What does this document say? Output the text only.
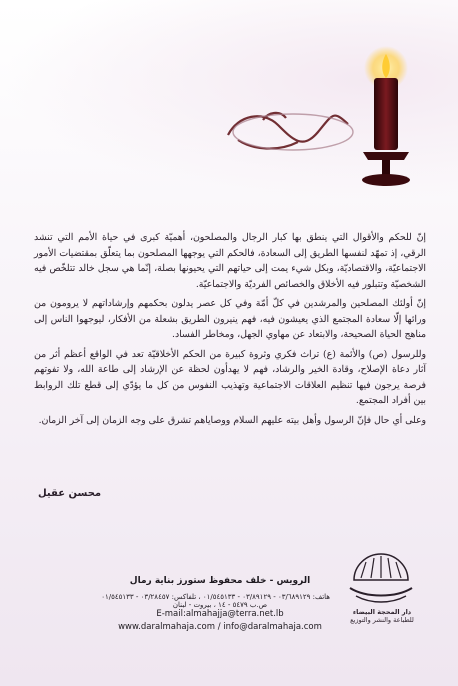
إنّ للحكم والأقوال التي ينطق بها كبار الرجال والمصلحون، أهميّة كبرى في حياة الأمم التي تنشد الرقي، إذ تمهّد لنفسها الطريق إلى السعادة، فالحكم التي يوجهها المصلحون بما يتعلّق بمقتضيات الأمور الاجتماعيّة، والاقتصاديّة، وبكل شيء يمت إلى حياتهم التي يحيونها بصلة، إنّما هي سجل خالد تتلخّص فيه الشخصيّة وتتبلور فيه الأخلاق والخصائص الفرديّة والاجتماعيّة.

إنّ أولئك المصلحين والمرشدين في كلّ أمّة وفي كل عصر يدلون بحكمهم وإرشاداتهم لا يرومون من ورائها إلّا سعادة المجتمع الذي يعيشون فيه، فهم ينيرون الطريق بشعلة من الأفكار، ليوجهوا الناس إلى مناهج الحياة الصحيحة، والابتعاد عن مهاوي الجهل، ومخاطر الفساد.

وللرسول (ص) والأئمة (ع) تراث فكري وثروة كبيرة من الحكم الأخلاقيّة تعد في الواقع أعظم أثر من آثار دعاة الإصلاح، وقادة الخير والرشاد، فهم لا يهدأون لحظة عن الإرشاد إلى طاعة الله، ولا تفوتهم فرصة يرجون فيها تنظيم العلاقات الاجتماعية وتهذيب النفوس من كل ما يؤدّي إلى قطع تلك الروابط بين أفراد المجتمع.

وعلى أي حال فإنّ الرسول وأهل بيته عليهم السلام ووصاياهم تشرق على وجه الزمان إلى آخر الزمان.

محسن عقيل
الرويس - خلف محفوظ ستورز بناية رمال
هاتف: ٠٣/٦٨٩١٢٩ - ٠٣/٨٩١٢٩ - ٠١/٥٤٥١٣٣ ، تلفاكس: ٠٣/٢٨٤٥٧ - ٠١/٥٤٥١٣٣
ص.ب ٥٤٧٩ - ١٤ ، بيروت - لبنان
E-mail:almahajja@terra.net.lb
www.daralmahaja.com / info@daralmahaja.com
دار المحجة البيضاء
للطباعة والنشر والتوزيع
